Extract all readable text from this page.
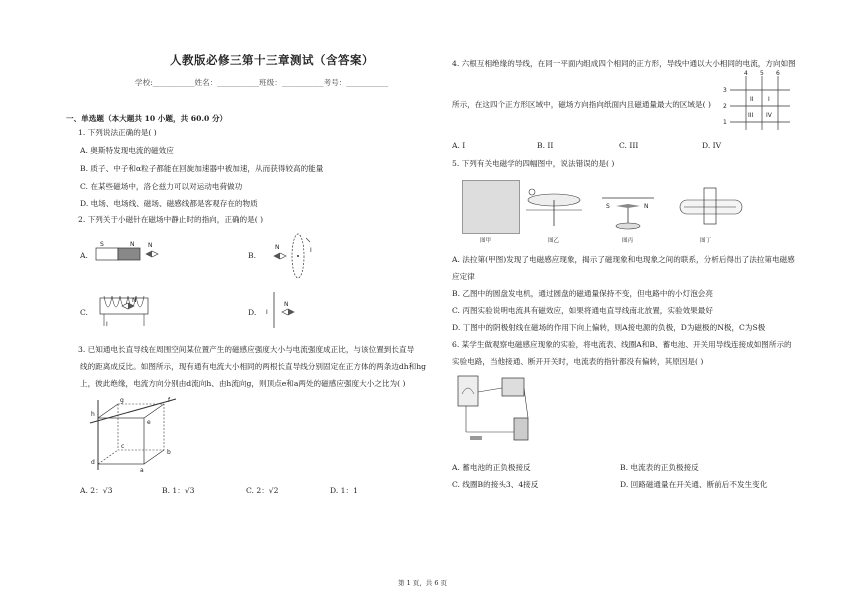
人教版必修三第十三章测试（含答案）
学校:___________姓名：___________班级：___________考号：___________
一、单选题（本大题共 10 小题，共 60.0 分）
1. 下列说法正确的是( )
A. 奥斯特发现电流的磁效应
B. 质子、中子和α粒子都能在回旋加速器中被加速，从而获得较高的能量
C. 在某些磁场中，洛仑兹力可以对运动电荷做功
D. 电场、电场线、磁场、磁感线都是客观存在的物质
2. 下列关于小磁针在磁场中静止时的指向，正确的是( )
A.	B.
C.	D.
S	N N	N	I
I
N
I
N
3. 已知通电长直导线在周围空间某位置产生的磁感应强度大小与电流强度成正比，与该位置到长直导
线的距离成反比。如图所示，现有通有电流大小相同的两根长直导线分别固定在正方体的两条边dh和hg
上，彼此绝缘，电流方向分别由d流向h、由h流向g，则顶点e和a两处的磁感应强度大小之比为( )
h
g	f
e
b
d
a
c
A. 2：√3	B. 1：√3	C. 2：√2	D. 1：1
4. 六根互相绝缘的导线，在同一平面内组成四个相同的正方形，导线中通以大小相同的电流，方向如图
所示，在这四个正方形区域中，磁场方向指向纸面内且磁通量最大的区域是( )
3
2
1
4 5 6
II I
III IV
A. I	B. II	C. III	D. IV
5. 下列有关电磁学的四幅图中，说法错误的是( )
S	N
图甲	图乙	图丙	图丁
A. 法拉第(甲图)发现了电磁感应现象，揭示了磁现象和电现象之间的联系，分析后得出了法拉第电磁感
应定律
B. 乙图中的圆盘发电机，通过圆盘的磁通量保持不变，但电路中的小灯泡会亮
C. 丙图实验说明电流具有磁效应，如果将通电直导线南北放置，实验效果最好
D. 丁图中的阴极射线在磁场的作用下向上偏转，则A接电源的负极，D为磁极的N极，C为S极
6. 某学生做观察电磁感应现象的实验，将电流表、线圈A和B、蓄电池、开关用导线连接成如图所示的
实验电路，当他接通、断开开关时，电流表的指针都没有偏转，其原因是( )
A. 蓄电池的正负极接反	B. 电流表的正负极接反
C. 线圈B的接头3、4接反	D. 回路磁通量在开关通、断前后不发生变化
第 1 页，共 6 页
